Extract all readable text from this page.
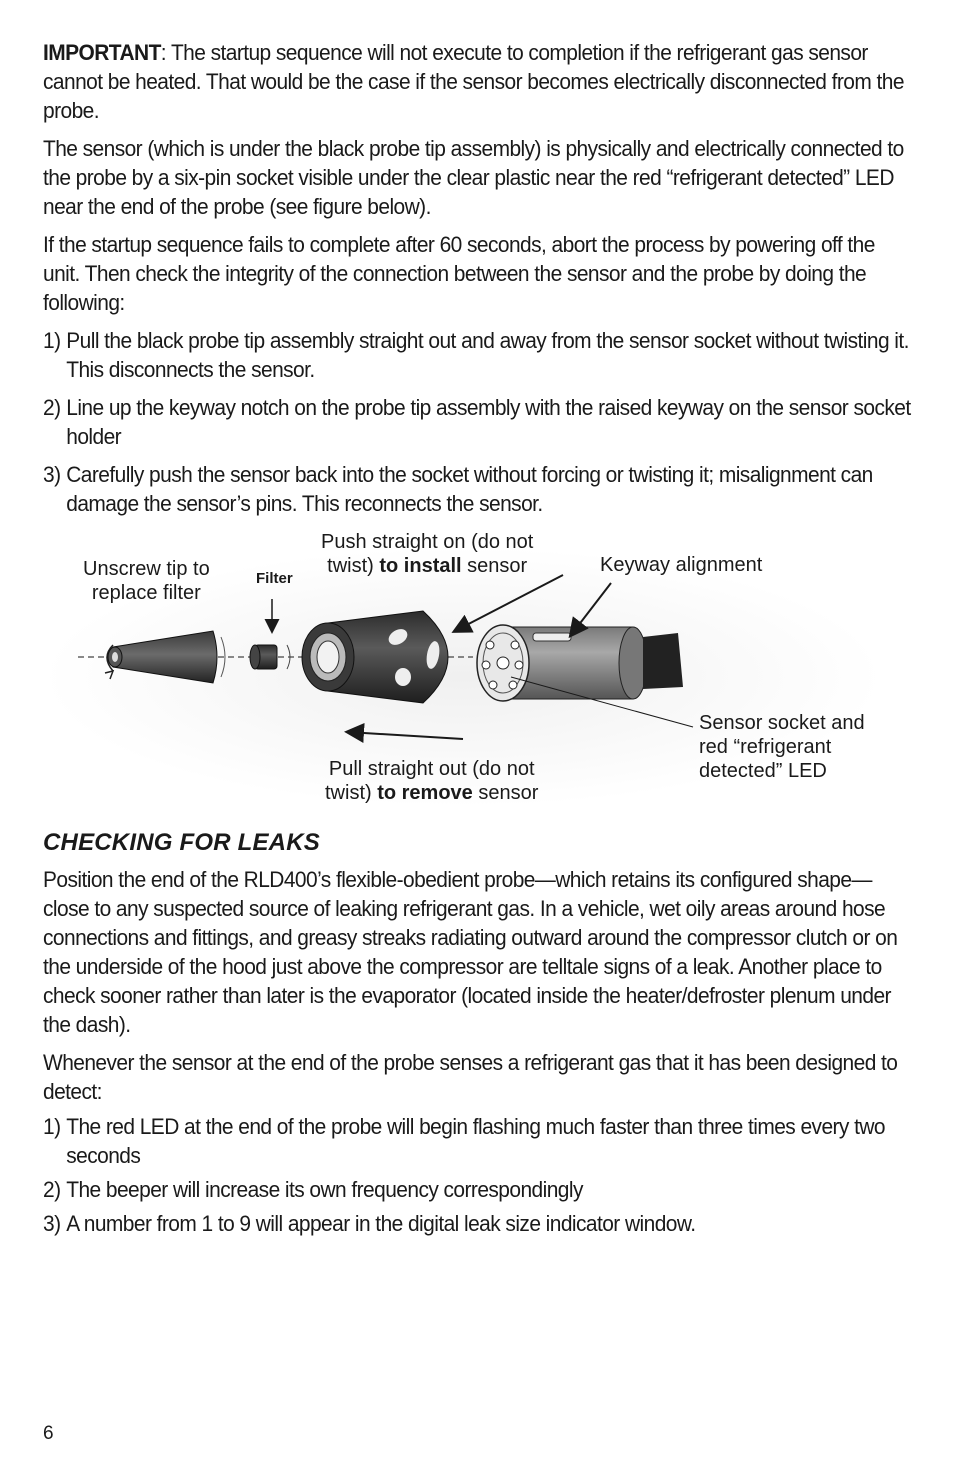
IMPORTANT: The startup sequence will not execute to completion if the refrigerant gas sensor cannot be heated. That would be the case if the sensor becomes electrically disconnected from the probe.
The sensor (which is under the black probe tip assembly) is physically and electrically connected to the probe by a six-pin socket visible under the clear plastic near the red “refrigerant detected” LED near the end of the probe (see figure below).
If the startup sequence fails to complete after 60 seconds, abort the process by powering off the unit. Then check the integrity of the connection between the sensor and the probe by doing the following:
1) Pull the black probe tip assembly straight out and away from the sensor socket without twisting it. This disconnects the sensor.
2) Line up the keyway notch on the probe tip assembly with the raised keyway on the sensor socket holder
3) Carefully push the sensor back into the socket without forcing or twisting it; misalignment can damage the sensor’s pins. This reconnects the sensor.
Unscrew tip to
replace filter
Filter
Push straight on (do not
twist) to install sensor	Keyway alignment
Sensor socket and
red “refrigerant
detected” LED
Pull straight out (do not
twist) to remove sensor
CHECKING FOR LEAKS
Position the end of the RLD400’s flexible-obedient probe—which retains its configured shape—close to any suspected source of leaking refrigerant gas. In a vehicle, wet oily areas around hose connections and fittings, and greasy streaks radiating outward around the compressor clutch or on the underside of the hood just above the compressor are telltale signs of a leak. Another place to check sooner rather than later is the evaporator (located inside the heater/defroster plenum under the dash).
Whenever the sensor at the end of the probe senses a refrigerant gas that it has been designed to detect:
1) The red LED at the end of the probe will begin flashing much faster than three times every two seconds
2) The beeper will increase its own frequency correspondingly
3) A number from 1 to 9 will appear in the digital leak size indicator window.
6
